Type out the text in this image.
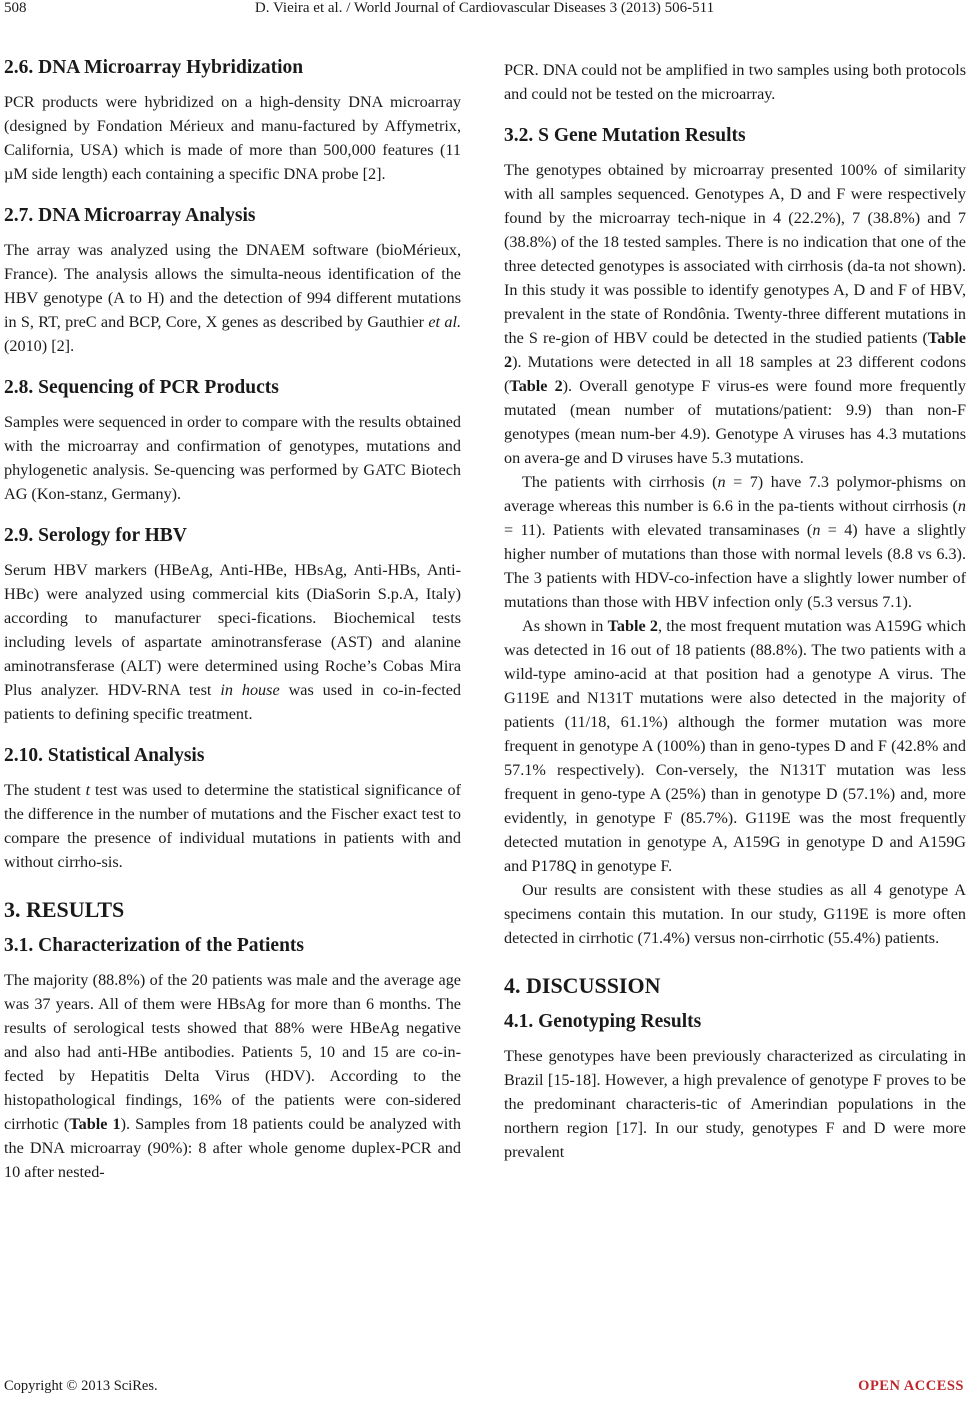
508	D. Vieira et al. / World Journal of Cardiovascular Diseases 3 (2013) 506-511
2.6. DNA Microarray Hybridization

PCR products were hybridized on a high-density DNA microarray (designed by Fondation Mérieux and manu-factured by Affymetrix, California, USA) which is made of more than 500,000 features (11 µM side length) each containing a specific DNA probe [2].

2.7. DNA Microarray Analysis

The array was analyzed using the DNAEM software (bioMérieux, France). The analysis allows the simulta-neous identification of the HBV genotype (A to H) and the detection of 994 different mutations in S, RT, preC and BCP, Core, X genes as described by Gauthier et al. (2010) [2].

2.8. Sequencing of PCR Products

Samples were sequenced in order to compare with the results obtained with the microarray and confirmation of genotypes, mutations and phylogenetic analysis. Se-quencing was performed by GATC Biotech AG (Kon-stanz, Germany).

2.9. Serology for HBV

Serum HBV markers (HBeAg, Anti-HBe, HBsAg, Anti-HBs, Anti-HBc) were analyzed using commercial kits (DiaSorin S.p.A, Italy) according to manufacturer speci-fications. Biochemical tests including levels of aspartate aminotransferase (AST) and alanine aminotransferase (ALT) were determined using Roche’s Cobas Mira Plus analyzer. HDV-RNA test in house was used in co-in-fected patients to defining specific treatment.

2.10. Statistical Analysis

The student t test was used to determine the statistical significance of the difference in the number of mutations and the Fischer exact test to compare the presence of individual mutations in patients with and without cirrho-sis.

3. RESULTS
3.1. Characterization of the Patients

The majority (88.8%) of the 20 patients was male and the average age was 37 years. All of them were HBsAg for more than 6 months. The results of serological tests showed that 88% were HBeAg negative and also had anti-HBe antibodies. Patients 5, 10 and 15 are co-in-fected by Hepatitis Delta Virus (HDV). According to the histopathological findings, 16% of the patients were con-sidered cirrhotic (Table 1). Samples from 18 patients could be analyzed with the DNA microarray (90%): 8 after whole genome duplex-PCR and 10 after nested-

PCR. DNA could not be amplified in two samples using both protocols and could not be tested on the microarray.

3.2. S Gene Mutation Results

The genotypes obtained by microarray presented 100% of similarity with all samples sequenced. Genotypes A, D and F were respectively found by the microarray tech-nique in 4 (22.2%), 7 (38.8%) and 7 (38.8%) of the 18 tested samples. There is no indication that one of the three detected genotypes is associated with cirrhosis (da-ta not shown). In this study it was possible to identify genotypes A, D and F of HBV, prevalent in the state of Rondônia. Twenty-three different mutations in the S re-gion of HBV could be detected in the studied patients (Table 2). Mutations were detected in all 18 samples at 23 different codons (Table 2). Overall genotype F virus-es were found more frequently mutated (mean number of mutations/patient: 9.9) than non-F genotypes (mean num-ber 4.9). Genotype A viruses has 4.3 mutations on avera-ge and D viruses have 5.3 mutations.

The patients with cirrhosis (n = 7) have 7.3 polymor-phisms on average whereas this number is 6.6 in the pa-tients without cirrhosis (n = 11). Patients with elevated transaminases (n = 4) have a slightly higher number of mutations than those with normal levels (8.8 vs 6.3). The 3 patients with HDV-co-infection have a slightly lower number of mutations than those with HBV infection only (5.3 versus 7.1).

As shown in Table 2, the most frequent mutation was A159G which was detected in 16 out of 18 patients (88.8%). The two patients with a wild-type amino-acid at that position had a genotype A virus. The G119E and N131T mutations were also detected in the majority of patients (11/18, 61.1%) although the former mutation was more frequent in genotype A (100%) than in geno-types D and F (42.8% and 57.1% respectively). Con-versely, the N131T mutation was less frequent in geno-type A (25%) than in genotype D (57.1%) and, more evidently, in genotype F (85.7%). G119E was the most frequently detected mutation in genotype A, A159G in genotype D and A159G and P178Q in genotype F.

Our results are consistent with these studies as all 4 genotype A specimens contain this mutation. In our study, G119E is more often detected in cirrhotic (71.4%) versus non-cirrhotic (55.4%) patients.

4. DISCUSSION
4.1. Genotyping Results

These genotypes have been previously characterized as circulating in Brazil [15-18]. However, a high prevalence of genotype F proves to be the predominant characteris-tic of Amerindian populations in the northern region [17]. In our study, genotypes F and D were more prevalent

Copyright © 2013 SciRes.	OPEN ACCESS
